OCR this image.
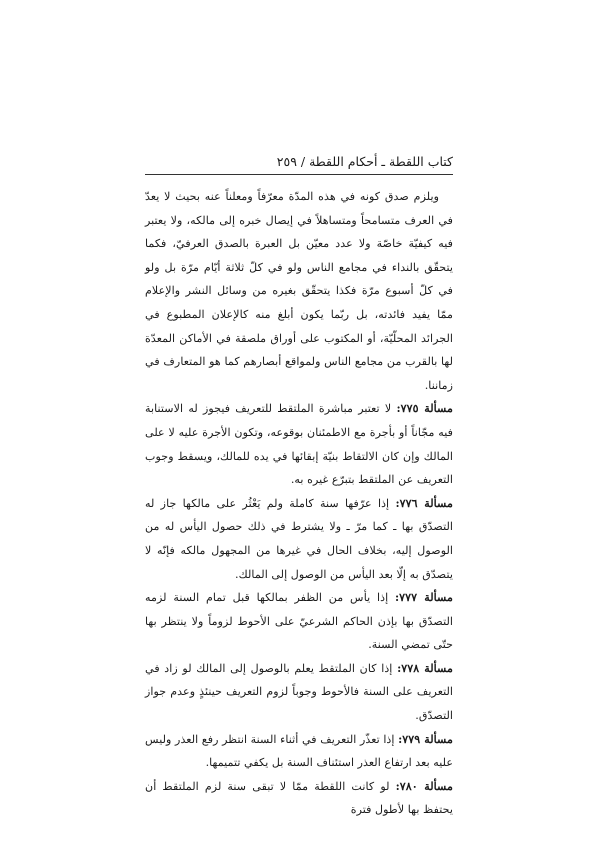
كتاب اللقطة ـ أحكام اللقطة / ٢٥٩

ويلزم صدق كونه في هذه المدّة معرّفاً ومعلناً عنه بحيث لا يعدّ في العرف متسامحاً ومتساهلاً في إيصال خبره إلى مالكه، ولا يعتبر فيه كيفيّة خاصّة ولا عدد معيّن بل العبرة بالصدق العرفيّ، فكما يتحقّق بالنداء في مجامع الناس ولو في كلّ ثلاثة أيّام مرّة بل ولو في كلّ أسبوع مرّة فكذا يتحقّق بغيره من وسائل النشر والإعلام ممّا يفيد فائدته، بل ربّما يكون أبلغ منه كالإعلان المطبوع في الجرائد المحلّيّة، أو المكتوب على أوراق ملصقة في الأماكن المعدّة لها بالقرب من مجامع الناس ولمواقع أبصارهم كما هو المتعارف في زماننا.

مسألة ٧٧٥: لا تعتبر مباشرة الملتقط للتعريف فيجوز له الاستنابة فيه مجّاناً أو بأجرة مع الاطمئنان بوقوعه، وتكون الأجرة عليه لا على المالك وإن كان الالتقاط بنيّة إبقائها في يده للمالك، ويسقط وجوب التعريف عن الملتقط بتبرّع غيره به.

مسألة ٧٧٦: إذا عرّفها سنة كاملة ولم يَعْثُر على مالكها جاز له التصدّق بها ـ كما مرّ ـ ولا يشترط في ذلك حصول اليأس له من الوصول إليه، بخلاف الحال في غيرها من المجهول مالكه فإنّه لا يتصدّق به إلّا بعد اليأس من الوصول إلى المالك.

مسألة ٧٧٧: إذا يأس من الظفر بمالكها قبل تمام السنة لزمه التصدّق بها بإذن الحاكم الشرعيّ على الأحوط لزوماً ولا ينتظر بها حتّى تمضي السنة.

مسألة ٧٧٨: إذا كان الملتقط يعلم بالوصول إلى المالك لو زاد في التعريف على السنة فالأحوط وجوباً لزوم التعريف حينئذٍ وعدم جواز التصدّق.

مسألة ٧٧٩: إذا تعذّر التعريف في أثناء السنة انتظر رفع العذر وليس عليه بعد ارتفاع العذر استئناف السنة بل يكفي تتميمها.

مسألة ٧٨٠: لو كانت اللقطة ممّا لا تبقى سنة لزم الملتقط أن يحتفظ بها لأطول فترة
